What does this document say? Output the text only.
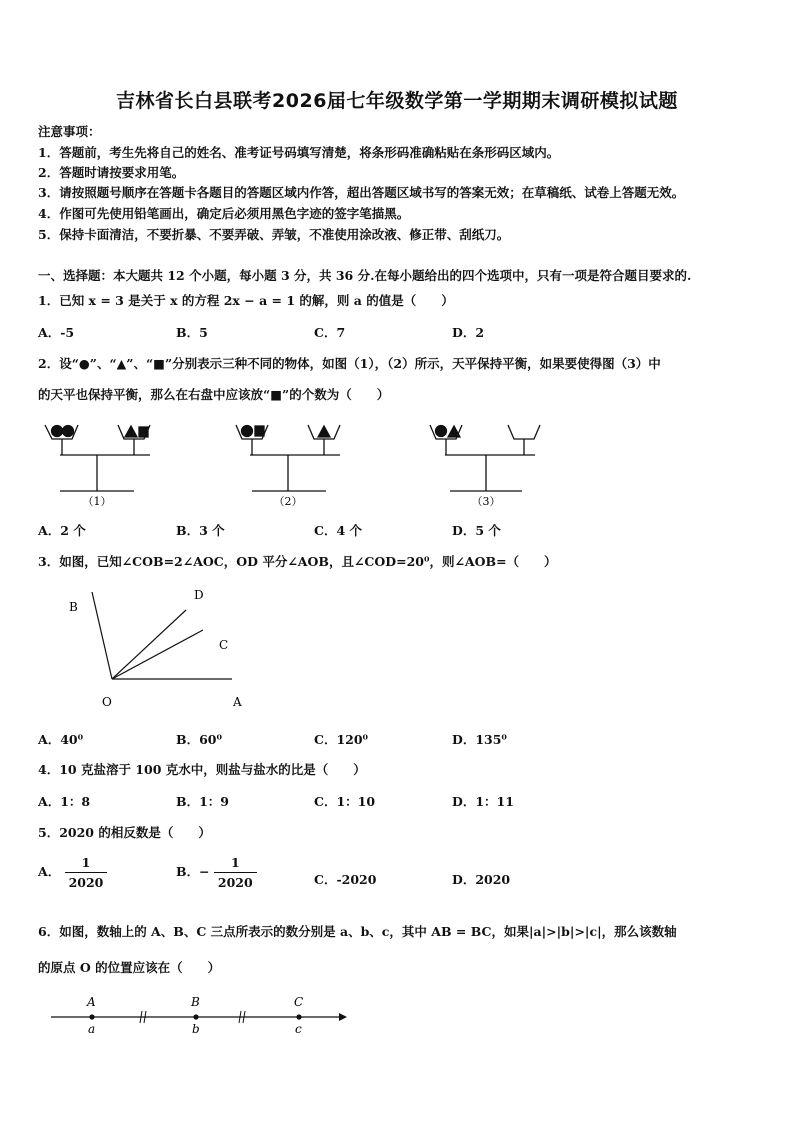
吉林省长白县联考2026届七年级数学第一学期期末调研模拟试题
注意事项：
1．答题前，考生先将自己的姓名、准考证号码填写清楚，将条形码准确粘贴在条形码区域内。
2．答题时请按要求用笔。
3．请按照题号顺序在答题卡各题目的答题区域内作答，超出答题区域书写的答案无效；在草稿纸、试卷上答题无效。
4．作图可先使用铅笔画出，确定后必须用黑色字迹的签字笔描黑。
5．保持卡面清洁，不要折暴、不要弄破、弄皱，不准使用涂改液、修正带、刮纸刀。
一、选择题：本大题共 12 个小题，每小题 3 分，共 36 分.在每小题给出的四个选项中，只有一项是符合题目要求的.
1．已知 x = 3 是关于 x 的方程 2x − a = 1 的解，则 a 的值是（　　）
A．-5	B．5	C．7	D．2
2．设“●”、“▲”、“■”分别表示三种不同的物体，如图（1），（2）所示，天平保持平衡，如果要使得图（3）中
的天平也保持平衡，那么在右盘中应该放“■”的个数为（　　）
（1）	（2）	（3）
A．2 个	B．3 个	C．4 个	D．5 个
3．如图，已知∠COB=2∠AOC，OD 平分∠AOB，且∠COD=20⁰，则∠AOB=（　　）
B
D
C
O	A
A．40⁰	B．60⁰	C．120⁰	D．135⁰
4．10 克盐溶于 100 克水中，则盐与盐水的比是（　　）
A．1：8	B．1：9	C．1：10	D．1：11
5．2020 的相反数是（　　）
A． $\frac{1}{2020}$	B．− $\frac{1}{2020}$	C．-2020	D．2020
6．如图，数轴上的 A、B、C 三点所表示的数分别是 a、b、c，其中 AB = BC，如果|a|>|b|>|c|，那么该数轴
的原点 O 的位置应该在（　　）
A	B	C
a	b	c
